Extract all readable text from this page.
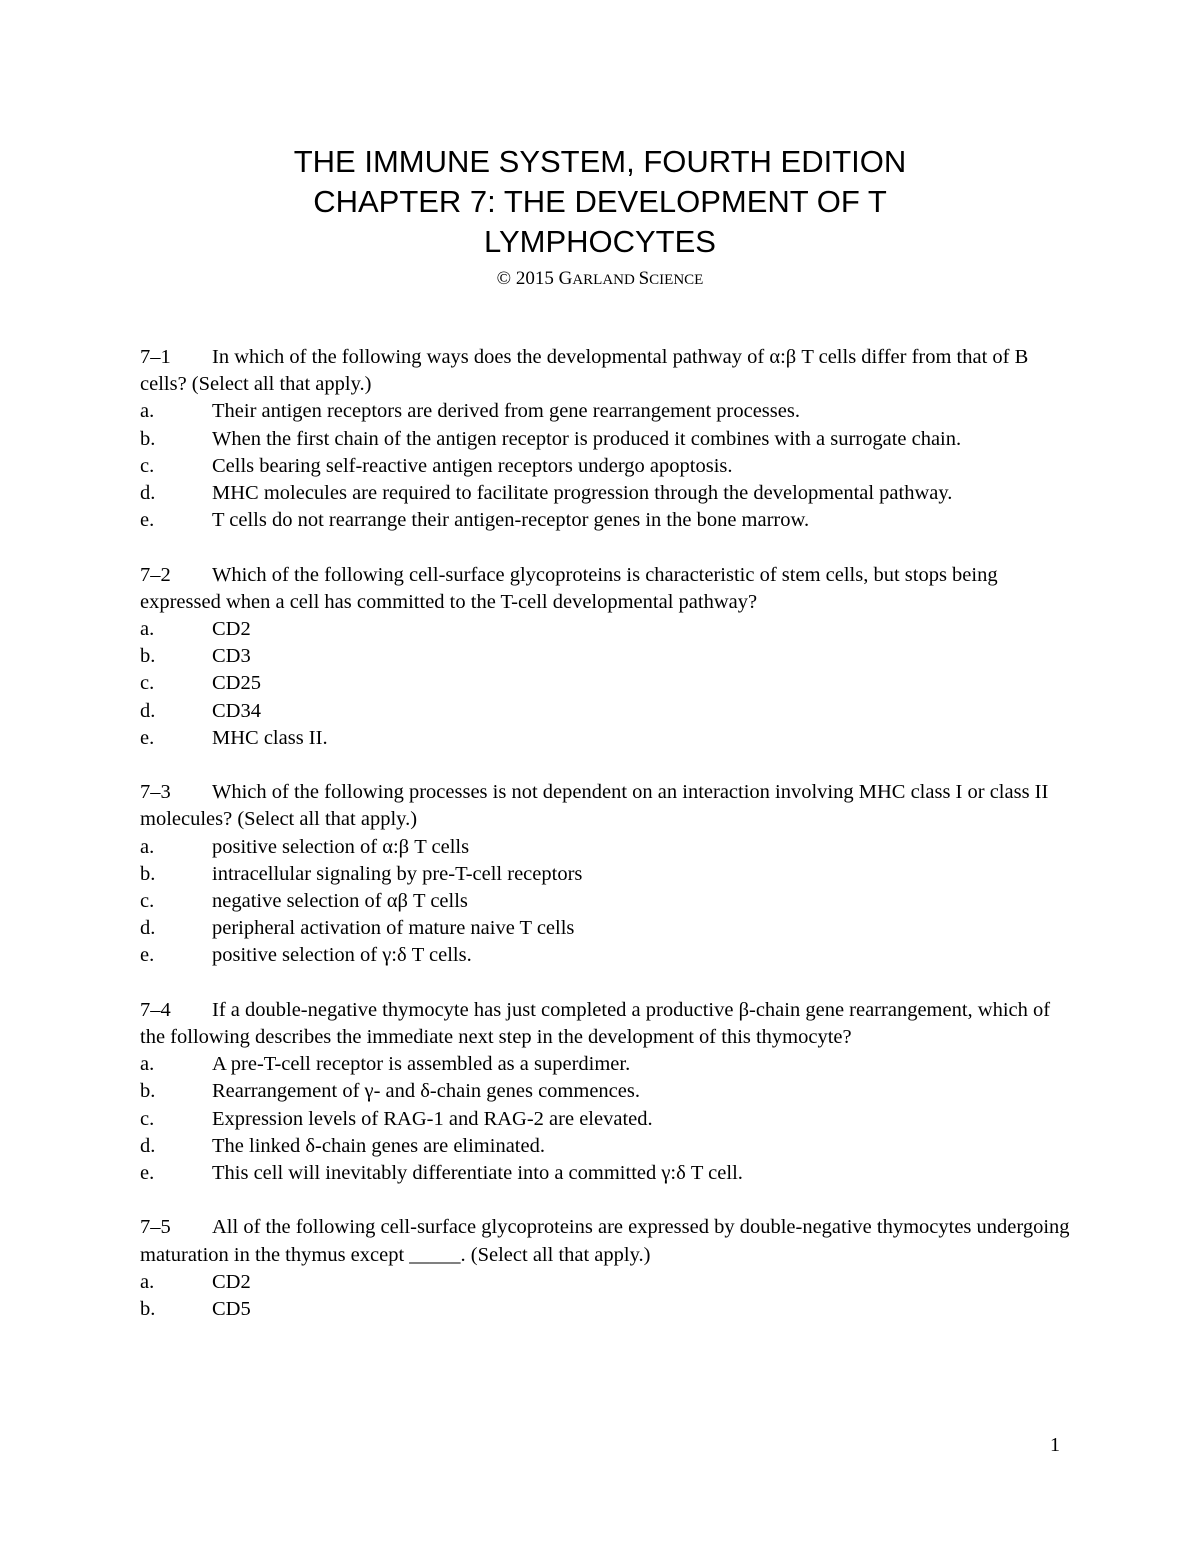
THE IMMUNE SYSTEM, FOURTH EDITION
CHAPTER 7: THE DEVELOPMENT OF T
LYMPHOCYTES
© 2015 GARLAND SCIENCE
7–1 In which of the following ways does the developmental pathway of α:β T cells differ from that of B cells? (Select all that apply.)
a.	Their antigen receptors are derived from gene rearrangement processes.
b.	When the first chain of the antigen receptor is produced it combines with a surrogate chain.
c.	Cells bearing self-reactive antigen receptors undergo apoptosis.
d.	MHC molecules are required to facilitate progression through the developmental pathway.
e.	T cells do not rearrange their antigen-receptor genes in the bone marrow.
7–2 Which of the following cell-surface glycoproteins is characteristic of stem cells, but stops being expressed when a cell has committed to the T-cell developmental pathway?
a.	CD2
b.	CD3
c.	CD25
d.	CD34
e.	MHC class II.
7–3 Which of the following processes is not dependent on an interaction involving MHC class I or class II molecules? (Select all that apply.)
a.	positive selection of α:β T cells
b.	intracellular signaling by pre-T-cell receptors
c.	negative selection of αβ T cells
d.	peripheral activation of mature naive T cells
e.	positive selection of γ:δ T cells.
7–4 If a double-negative thymocyte has just completed a productive β-chain gene rearrangement, which of the following describes the immediate next step in the development of this thymocyte?
a.	A pre-T-cell receptor is assembled as a superdimer.
b.	Rearrangement of γ- and δ-chain genes commences.
c.	Expression levels of RAG-1 and RAG-2 are elevated.
d.	The linked δ-chain genes are eliminated.
e.	This cell will inevitably differentiate into a committed γ:δ T cell.
7–5 All of the following cell-surface glycoproteins are expressed by double-negative thymocytes undergoing maturation in the thymus except _____. (Select all that apply.)
a.	CD2
b.	CD5
1
